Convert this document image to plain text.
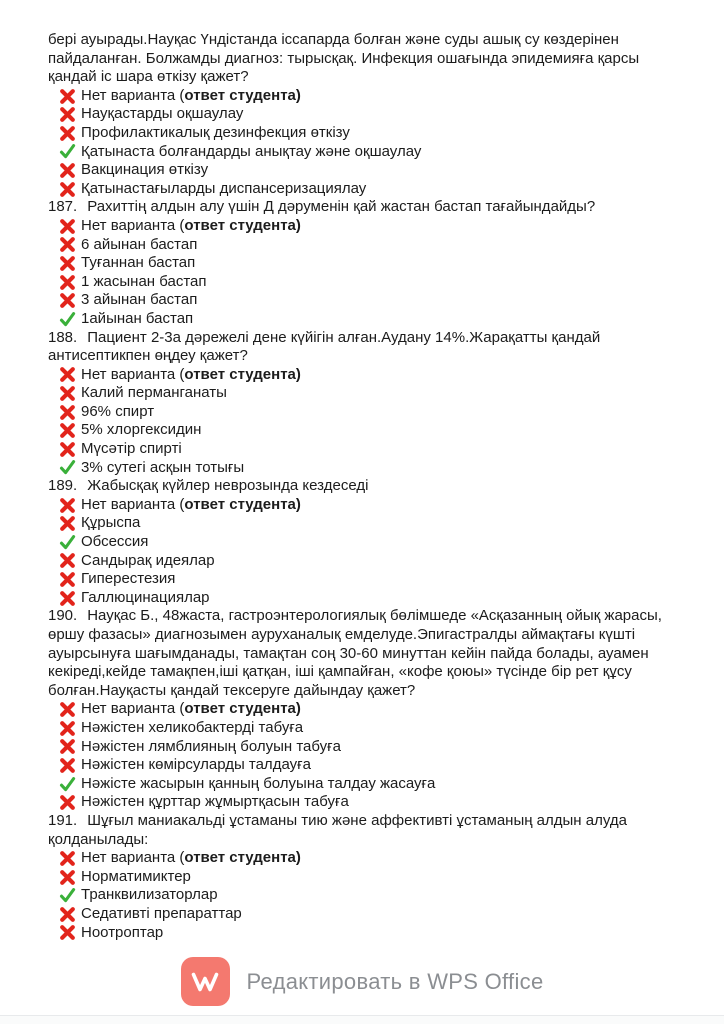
бері ауырады.Науқас Үндістанда іссапарда болған және суды ашық су көздерінен пайдаланған. Болжамды диагноз: тырысқақ. Инфекция ошағында эпидемияға қарсы қандай іс шара өткізу қажет?

Нет варианта ( ответ студента)
Науқастарды оқшаулау
Профилактикалық дезинфекция өткізу
Қатынаста болғандарды анықтау және оқшаулау
Вакцинация өткізу
Қатынастағыларды диспансеризациялау

187. Рахиттің алдын алу үшін Д дәруменін қай жастан бастап тағайындайды?

Нет варианта ( ответ студента)
6 айынан бастап
Туғаннан бастап
1 жасынан бастап
3 айынан бастап
1айынан бастап

188. Пациент 2-3а дәрежелі дене күйігін алған.Аудану 14%.Жарақатты қандай антисептикпен өңдеу қажет?

Нет варианта ( ответ студента)
Калий перманганаты
96% спирт
5% хлоргексидин
Мүсәтір спирті
3% сутегі асқын тотығы

189. Жабысқақ күйлер неврозында кездеседі

Нет варианта ( ответ студента)
Құрыспа
Обсессия
Сандырақ идеялар
Гиперестезия
Галлюцинациялар

190. Науқас Б., 48жаста, гастроэнтерологиялық бөлімшеде «Асқазанның ойық жарасы, өршу фазасы» диагнозымен ауруханалық емделуде.Эпигастралды аймақтағы күшті ауырсынуға шағымданады, тамақтан соң 30-60 минуттан кейін пайда болады, ауамен кекіреді,кейде тамақпен,іші қатқан, іші қампайған, «кофе қоюы» түсінде бір рет құсу болған.Науқасты қандай тексеруге дайындау қажет?

Нет варианта ( ответ студента)
Нәжістен хеликобактерді табуға
Нәжістен лямблияның болуын табуға
Нәжістен көмірсуларды талдауға
Нәжісте жасырын қанның болуына талдау жасауға
Нәжістен құрттар жұмыртқасын табуға

191. Шұғыл маниакальді ұстаманы тию және аффективті ұстаманың алдын алуда қолданылады:

Нет варианта ( ответ студента)
Норматимиктер
Транквилизаторлар
Седативті препараттар
Ноотроптар
Редактировать в WPS Office
